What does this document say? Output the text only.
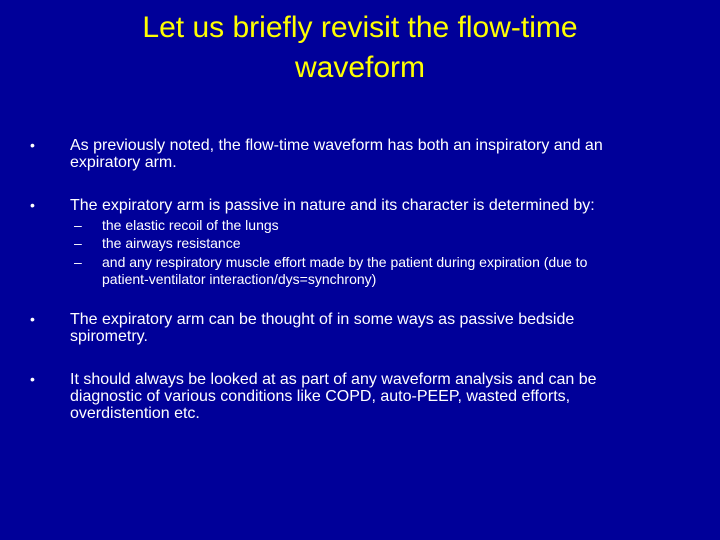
Let us briefly revisit the flow-time
waveform
•	As previously noted, the flow-time waveform has both an inspiratory and an
expiratory arm.
•	The expiratory arm is passive in nature and its character is determined by:
–	the elastic recoil of the lungs
–	the airways resistance
–	and any respiratory muscle effort made by the patient during expiration (due to
patient-ventilator interaction/dys=synchrony)
•	The expiratory arm can be thought of in some ways as passive bedside
spirometry.
•	It should always be looked at as part of any waveform analysis and can be
diagnostic of various conditions like COPD, auto-PEEP, wasted efforts,
overdistention etc.
